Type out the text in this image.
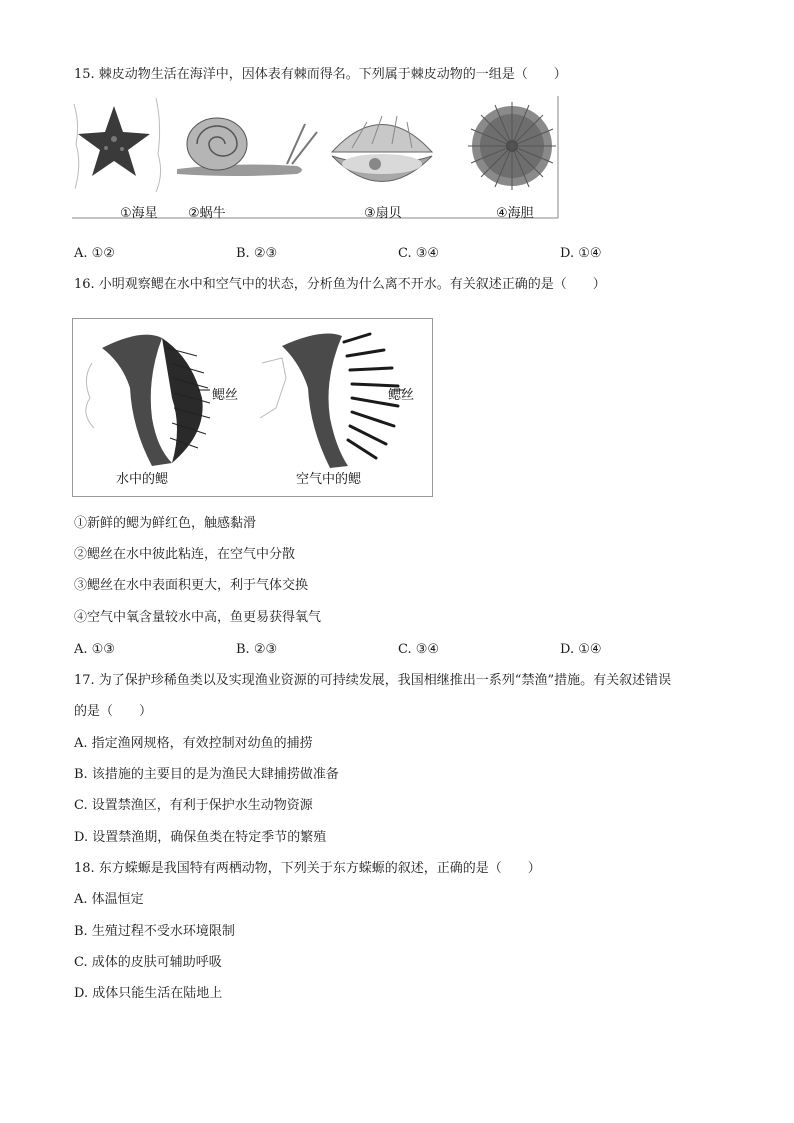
15. 棘皮动物生活在海洋中，因体表有棘而得名。下列属于棘皮动物的一组是（　　）
①海星 ②蜗牛	③扇贝	④海胆
A. ①②	B. ②③	C. ③④	D. ①④
16. 小明观察鳃在水中和空气中的状态，分析鱼为什么离不开水。有关叙述正确的是（　　）
鳃丝	鳃丝
水中的鳃	空气中的鳃
①新鲜的鳃为鲜红色，触感黏滑
②鳃丝在水中彼此粘连，在空气中分散
③鳃丝在水中表面积更大，利于气体交换
④空气中氧含量较水中高，鱼更易获得氧气
A. ①③	B. ②③	C. ③④	D. ①④
17. 为了保护珍稀鱼类以及实现渔业资源的可持续发展，我国相继推出一系列“禁渔”措施。有关叙述错误
的是（　　）
A. 指定渔网规格，有效控制对幼鱼的捕捞
B. 该措施的主要目的是为渔民大肆捕捞做准备
C. 设置禁渔区，有利于保护水生动物资源
D. 设置禁渔期，确保鱼类在特定季节的繁殖
18. 东方蝾螈是我国特有两栖动物，下列关于东方蝾螈的叙述，正确的是（　　）
A. 体温恒定
B. 生殖过程不受水环境限制
C. 成体的皮肤可辅助呼吸
D. 成体只能生活在陆地上
